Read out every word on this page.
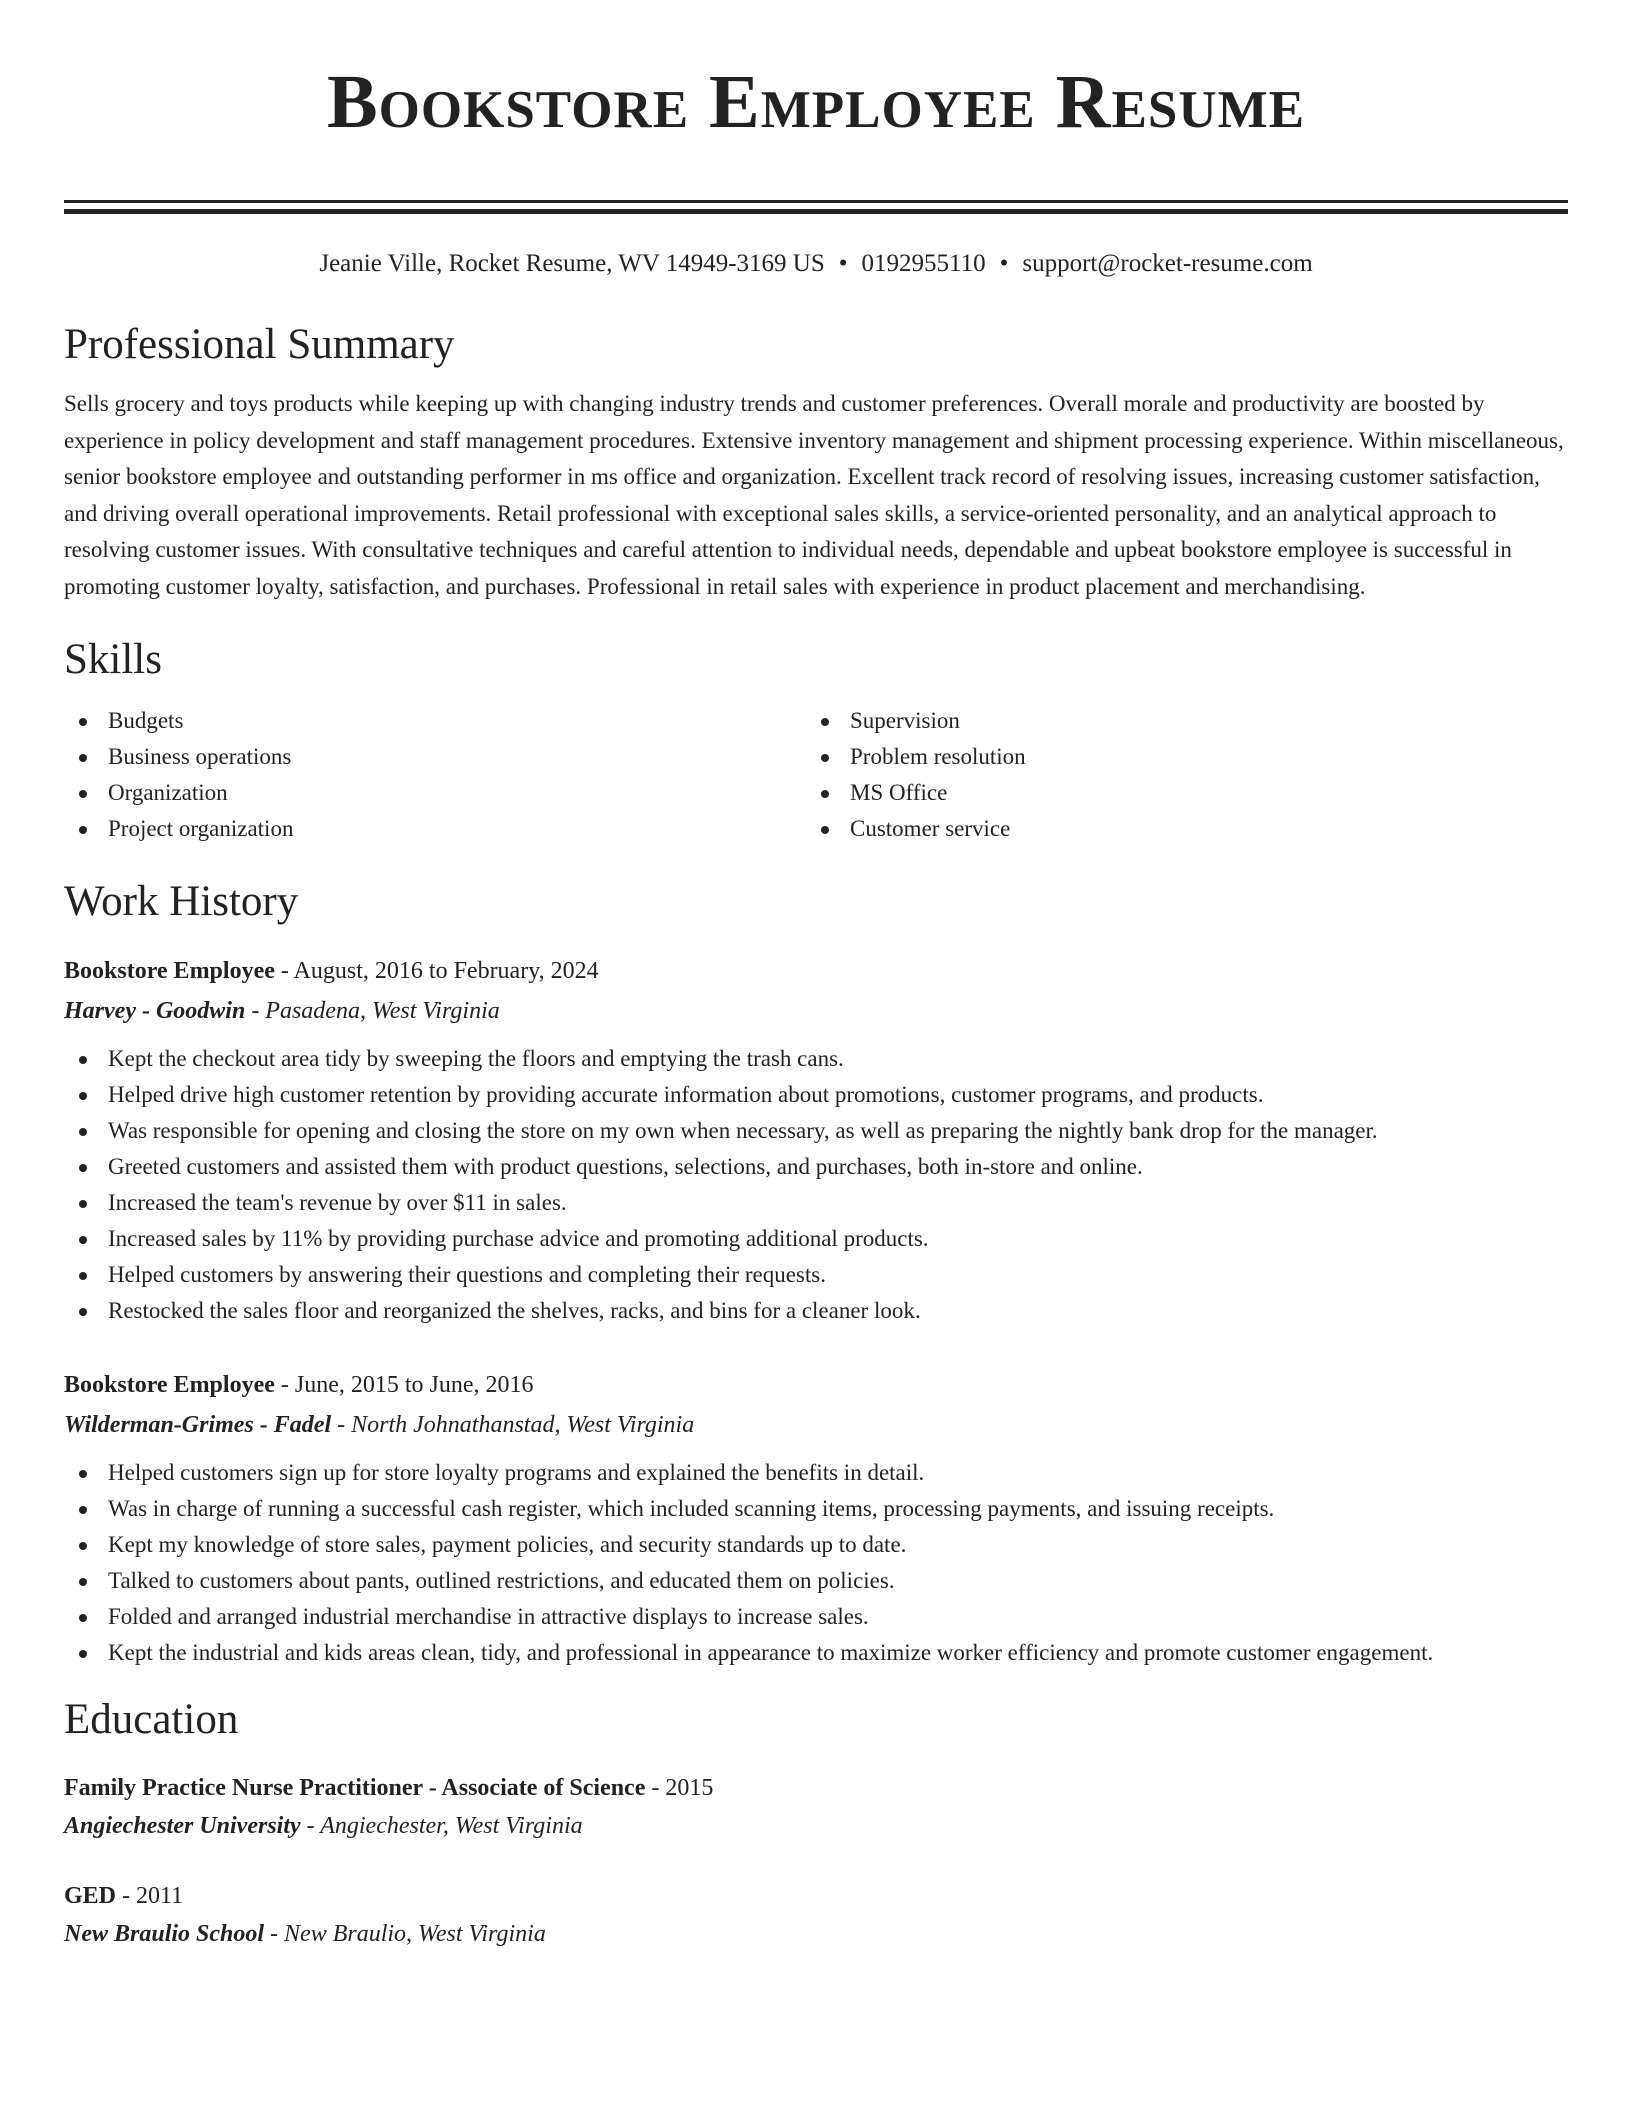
Bookstore Employee Resume
Jeanie Ville, Rocket Resume, WV 14949-3169 US • 0192955110 • support@rocket-resume.com
Professional Summary

Sells grocery and toys products while keeping up with changing industry trends and customer preferences. Overall morale and productivity are boosted by experience in policy development and staff management procedures. Extensive inventory management and shipment processing experience. Within miscellaneous, senior bookstore employee and outstanding performer in ms office and organization. Excellent track record of resolving issues, increasing customer satisfaction, and driving overall operational improvements. Retail professional with exceptional sales skills, a service-oriented personality, and an analytical approach to resolving customer issues. With consultative techniques and careful attention to individual needs, dependable and upbeat bookstore employee is successful in promoting customer loyalty, satisfaction, and purchases. Professional in retail sales with experience in product placement and merchandising.

Skills
Budgets
Business operations
Organization
Project organization
Supervision
Problem resolution
MS Office
Customer service
Work History
Bookstore Employee - August, 2016 to February, 2024
Harvey - Goodwin - Pasadena, West Virginia
Kept the checkout area tidy by sweeping the floors and emptying the trash cans.
Helped drive high customer retention by providing accurate information about promotions, customer programs, and products.
Was responsible for opening and closing the store on my own when necessary, as well as preparing the nightly bank drop for the manager.
Greeted customers and assisted them with product questions, selections, and purchases, both in-store and online.
Increased the team's revenue by over $11 in sales.
Increased sales by 11% by providing purchase advice and promoting additional products.
Helped customers by answering their questions and completing their requests.
Restocked the sales floor and reorganized the shelves, racks, and bins for a cleaner look.
Bookstore Employee - June, 2015 to June, 2016
Wilderman-Grimes - Fadel - North Johnathanstad, West Virginia
Helped customers sign up for store loyalty programs and explained the benefits in detail.
Was in charge of running a successful cash register, which included scanning items, processing payments, and issuing receipts.
Kept my knowledge of store sales, payment policies, and security standards up to date.
Talked to customers about pants, outlined restrictions, and educated them on policies.
Folded and arranged industrial merchandise in attractive displays to increase sales.
Kept the industrial and kids areas clean, tidy, and professional in appearance to maximize worker efficiency and promote customer engagement.
Education
Family Practice Nurse Practitioner - Associate of Science - 2015
Angiechester University - Angiechester, West Virginia
GED - 2011
New Braulio School - New Braulio, West Virginia
